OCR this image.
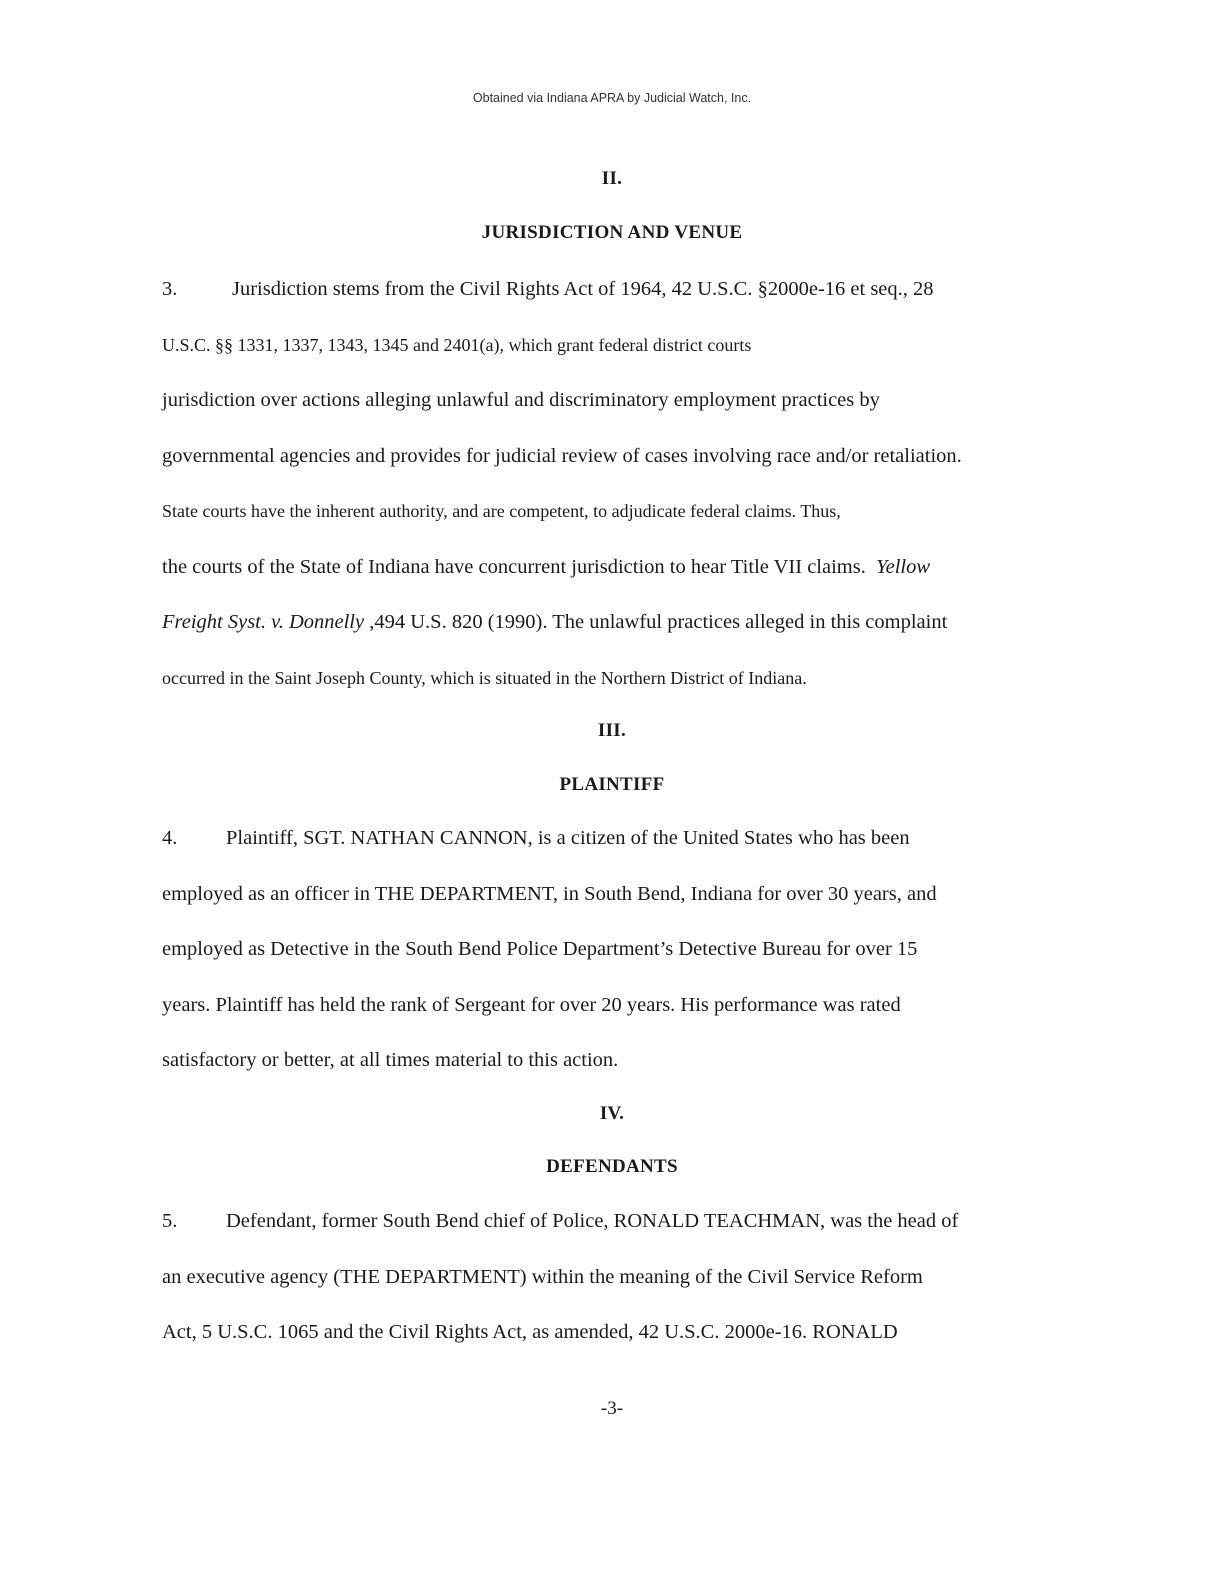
Obtained via Indiana APRA by Judicial Watch, Inc.
II.
JURISDICTION AND VENUE
3.	Jurisdiction stems from the Civil Rights Act of 1964, 42 U.S.C. §2000e-16 et seq., 28
U.S.C. §§ 1331, 1337, 1343, 1345 and 2401(a), which grant federal district courts
jurisdiction over actions alleging unlawful and discriminatory employment practices by
governmental agencies and provides for judicial review of cases involving race and/or retaliation.
State courts have the inherent authority, and are competent, to adjudicate federal claims. Thus,
the courts of the State of Indiana have concurrent jurisdiction to hear Title VII claims. Yellow
Freight Syst. v. Donnelly ,494 U.S. 820 (1990). The unlawful practices alleged in this complaint
occurred in the Saint Joseph County, which is situated in the Northern District of Indiana.
III.
PLAINTIFF
4. Plaintiff, SGT. NATHAN CANNON, is a citizen of the United States who has been
employed as an officer in THE DEPARTMENT, in South Bend, Indiana for over 30 years, and
employed as Detective in the South Bend Police Department’s Detective Bureau for over 15
years. Plaintiff has held the rank of Sergeant for over 20 years. His performance was rated
satisfactory or better, at all times material to this action.
IV.
DEFENDANTS
5. Defendant, former South Bend chief of Police, RONALD TEACHMAN, was the head of
an executive agency (THE DEPARTMENT) within the meaning of the Civil Service Reform
Act, 5 U.S.C. 1065 and the Civil Rights Act, as amended, 42 U.S.C. 2000e-16. RONALD
-3-
